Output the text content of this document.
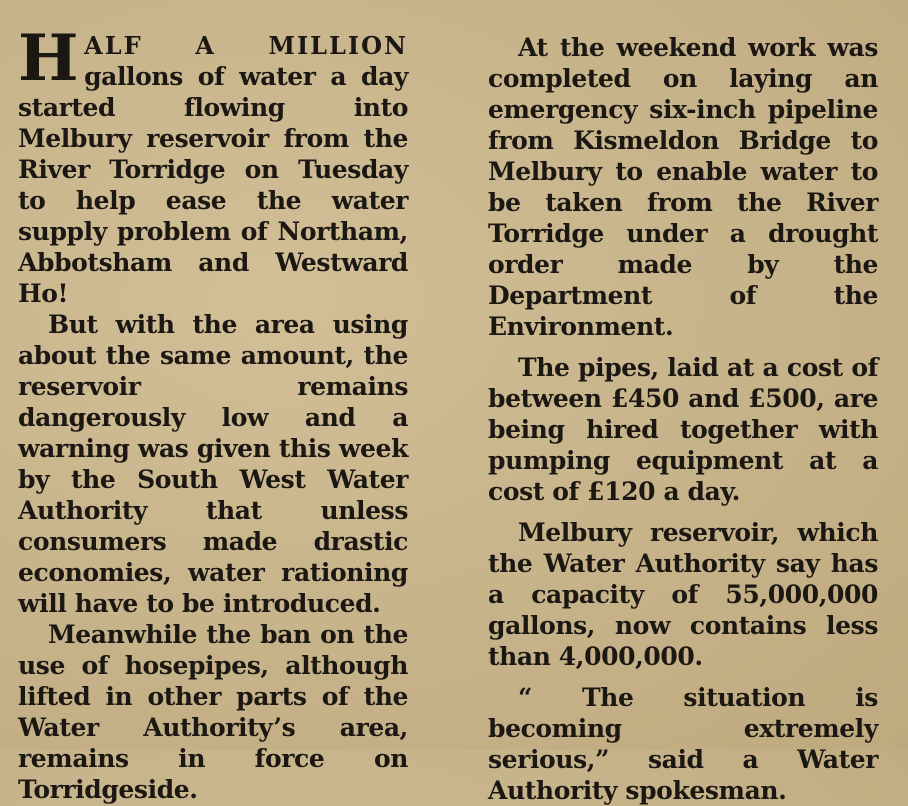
HALF A MILLION gallons of water a day started flowing into Melbury reservoir from the River Torridge on Tuesday to help ease the water supply problem of Northam, Abbotsham and Westward Ho!

But with the area using about the same amount, the reservoir remains dangerously low and a warning was given this week by the South West Water Authority that unless consumers made drastic economies, water rationing will have to be introduced.

Meanwhile the ban on the use of hosepipes, although lifted in other parts of the Water Authority’s area, remains in force on Torridgeside.

At the weekend work was completed on laying an emergency six-inch pipeline from Kismeldon Bridge to Melbury to enable water to be taken from the River Torridge under a drought order made by the Department of the Environment.

The pipes, laid at a cost of between £450 and £500, are being hired together with pumping equipment at a cost of £120 a day.

Melbury reservoir, which the Water Authority say has a capacity of 55,000,000 gallons, now contains less than 4,000,000.

“ The situation is becoming extremely serious,” said a Water Authority spokesman.
